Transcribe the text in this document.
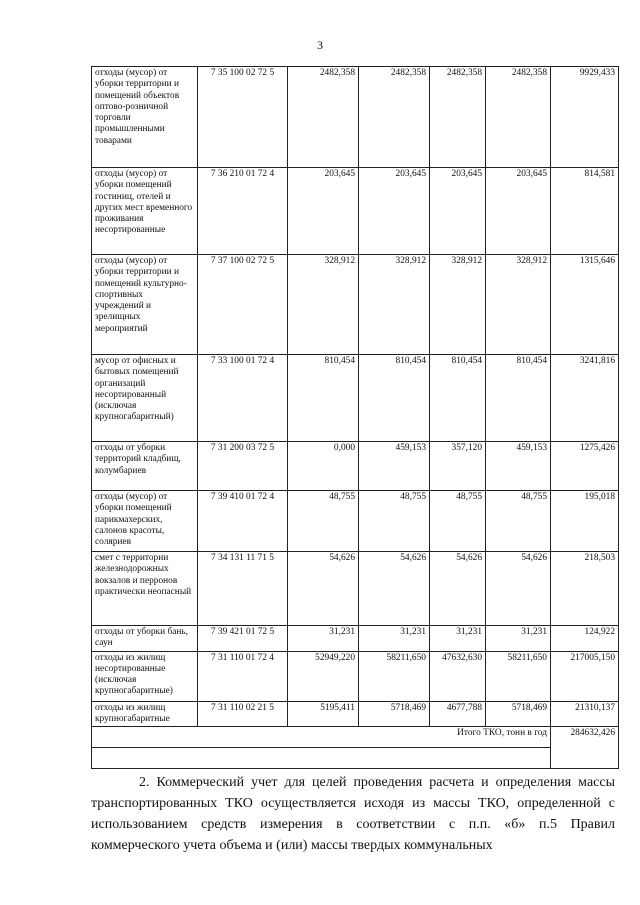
3
отходы (мусор) от уборки территории и помещений объектов оптово-розничной торговли промышленными товарами	7 35 100 02 72 5	2482,358	2482,358	2482,358	2482,358	9929,433
отходы (мусор) от уборки помещений гостиниц, отелей и других мест временного проживания несортированные	7 36 210 01 72 4	203,645	203,645	203,645	203,645	814,581
отходы (мусор) от уборки территории и помещений культурно-спортивных учреждений и зрелищных мероприятий	7 37 100 02 72 5	328,912	328,912	328,912	328,912	1315,646
мусор от офисных и бытовых помещений организаций несортированный (исключая крупногабаритный)	7 33 100 01 72 4	810,454	810,454	810,454	810,454	3241,816
отходы от уборки территорий кладбищ, колумбариев	7 31 200 03 72 5	0,000	459,153	357,120	459,153	1275,426
отходы (мусор) от уборки помещений парикмахерских, салонов красоты, соляриев	7 39 410 01 72 4	48,755	48,755	48,755	48,755	195,018
смет с территории железнодорожных вокзалов и перронов практически неопасный	7 34 131 11 71 5	54,626	54,626	54,626	54,626	218,503
отходы от уборки бань, саун	7 39 421 01 72 5	31,231	31,231	31,231	31,231	124,922
отходы из жилищ несортированные (исключая крупногабаритные)	7 31 110 01 72 4	52949,220	58211,650	47632,630	58211,650	217005,150
отходы из жилищ крупногабаритные	7 31 110 02 21 5	5195,411	5718,469	4677,788	5718,469	21310,137
Итого ТКО, тонн в год						284632,426

2. Коммерческий учет для целей проведения расчета и определения массы транспортированных ТКО осуществляется исходя из массы ТКО, определенной с использованием средств измерения в соответствии с п.п. «б» п.5 Правил коммерческого учета объема и (или) массы твердых коммунальных
